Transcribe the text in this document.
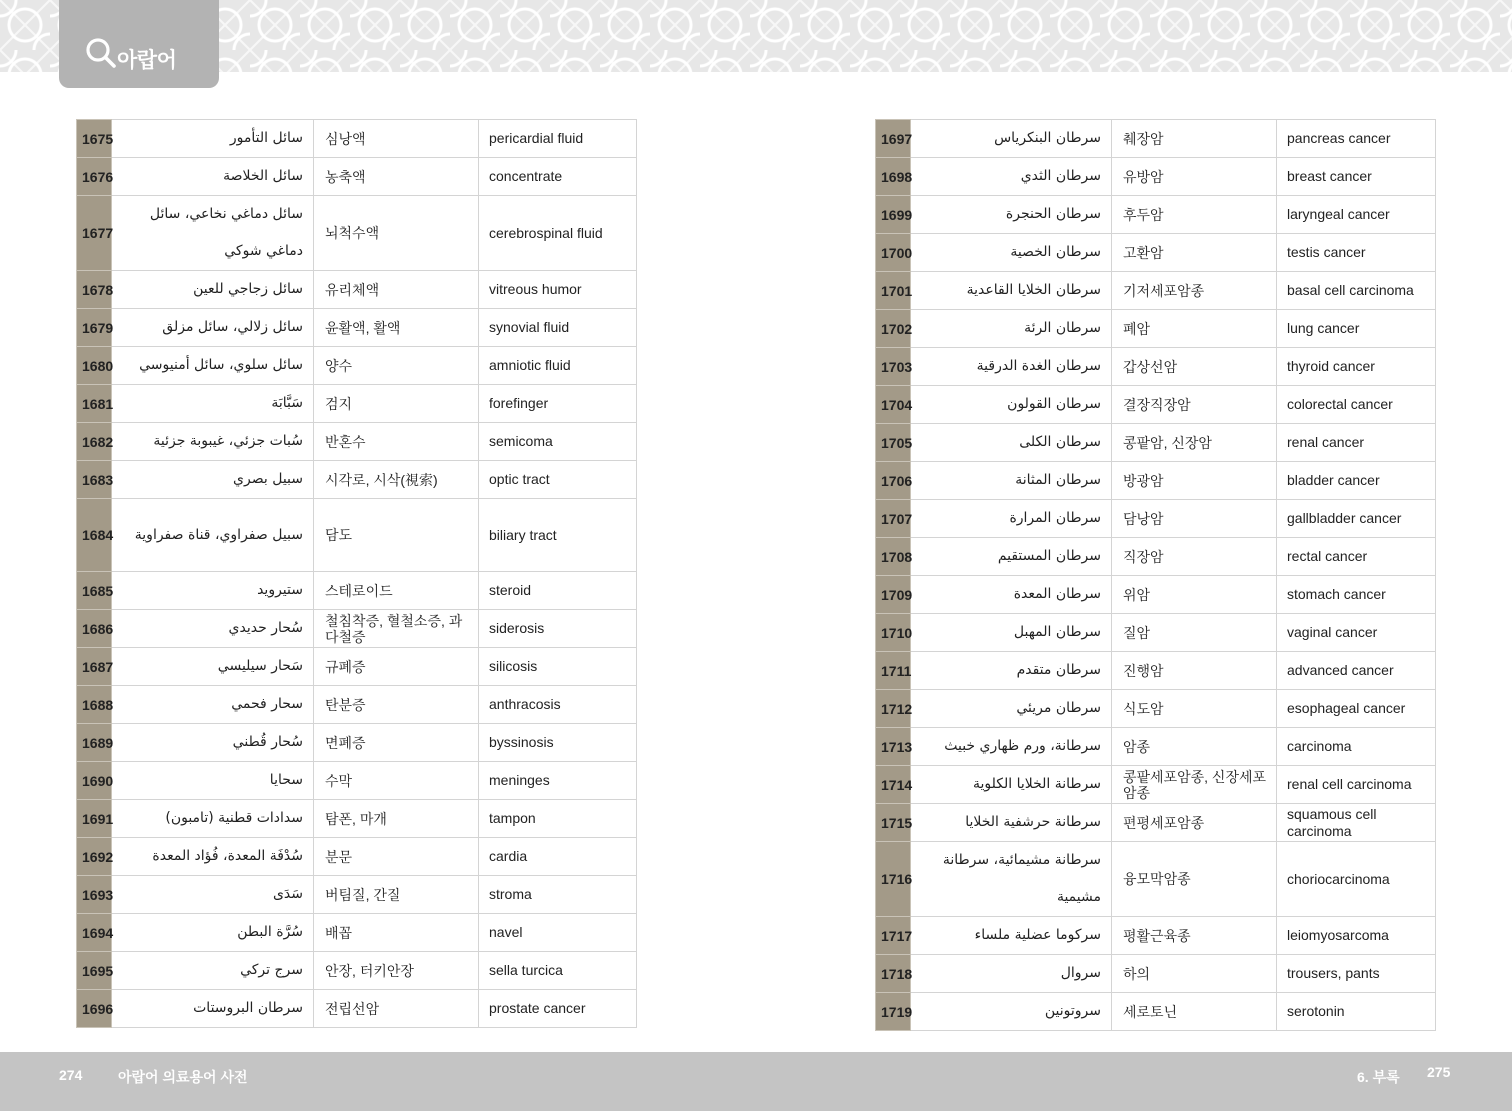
아랍어
1675	سائل التأمور	심낭액	pericardial fluid
1676	سائل الخلاصة	농축액	concentrate
1677	سائل دماغي نخاعي، سائل دماغي شوكي	뇌척수액	cerebrospinal fluid
1678	سائل زجاجي للعين	유리체액	vitreous humor
1679	سائل زلالي، سائل مزلق	윤활액, 활액	synovial fluid
1680	سائل سلوي، سائل أمنيوسي	양수	amniotic fluid
1681	سَبَّابَة	검지	forefinger
1682	سُبات جزئي، غيبوبة جزئية	반혼수	semicoma
1683	سبيل بصري	시각로, 시삭(視索)	optic tract
1684	سبيل صفراوي، قناة صفراوية	담도	biliary tract
1685	ستيرويد	스테로이드	steroid
1686	سُحار حديدي	철침착증, 혈철소증, 과다철증	siderosis
1687	سَحار سيليسي	규폐증	silicosis
1688	سحار فحمي	탄분증	anthracosis
1689	سُحار قُطني	면폐증	byssinosis
1690	سحايا	수막	meninges
1691	سدادات قطنية (تامبون)	탐폰, 마개	tampon
1692	سُدْفَة المعدة، فُؤاد المعدة	분문	cardia
1693	سَدَى	버팀질, 간질	stroma
1694	سُرَّة البطن	배꼽	navel
1695	سرج تركي	안장, 터키안장	sella turcica
1696	سرطان البروستات	전립선암	prostate cancer
1697	سرطان البنكرياس	췌장암	pancreas cancer
1698	سرطان الثدي	유방암	breast cancer
1699	سرطان الحنجرة	후두암	laryngeal cancer
1700	سرطان الخصية	고환암	testis cancer
1701	سرطان الخلايا القاعدية	기저세포암종	basal cell carcinoma
1702	سرطان الرئة	폐암	lung cancer
1703	سرطان الغدة الدرقية	갑상선암	thyroid cancer
1704	سرطان القولون	결장직장암	colorectal cancer
1705	سرطان الكلى	콩팥암, 신장암	renal cancer
1706	سرطان المثانة	방광암	bladder cancer
1707	سرطان المرارة	담낭암	gallbladder cancer
1708	سرطان المستقيم	직장암	rectal cancer
1709	سرطان المعدة	위암	stomach cancer
1710	سرطان المهبل	질암	vaginal cancer
1711	سرطان متقدم	진행암	advanced cancer
1712	سرطان مريئي	식도암	esophageal cancer
1713	سرطانة، ورم ظهاري خبيث	암종	carcinoma
1714	سرطانة الخلايا الكلوية	콩팥세포암종, 신장세포암종	renal cell carcinoma
1715	سرطانة حرشفية الخلايا	편평세포암종	squamous cell carcinoma
1716	سرطانة مشيمائية، سرطانة مشيمية	융모막암종	choriocarcinoma
1717	سركوما عضلية ملساء	평활근육종	leiomyosarcoma
1718	سروال	하의	trousers, pants
1719	سروتونين	세로토닌	serotonin
274	아랍어 의료용어 사전	6. 부록 275
